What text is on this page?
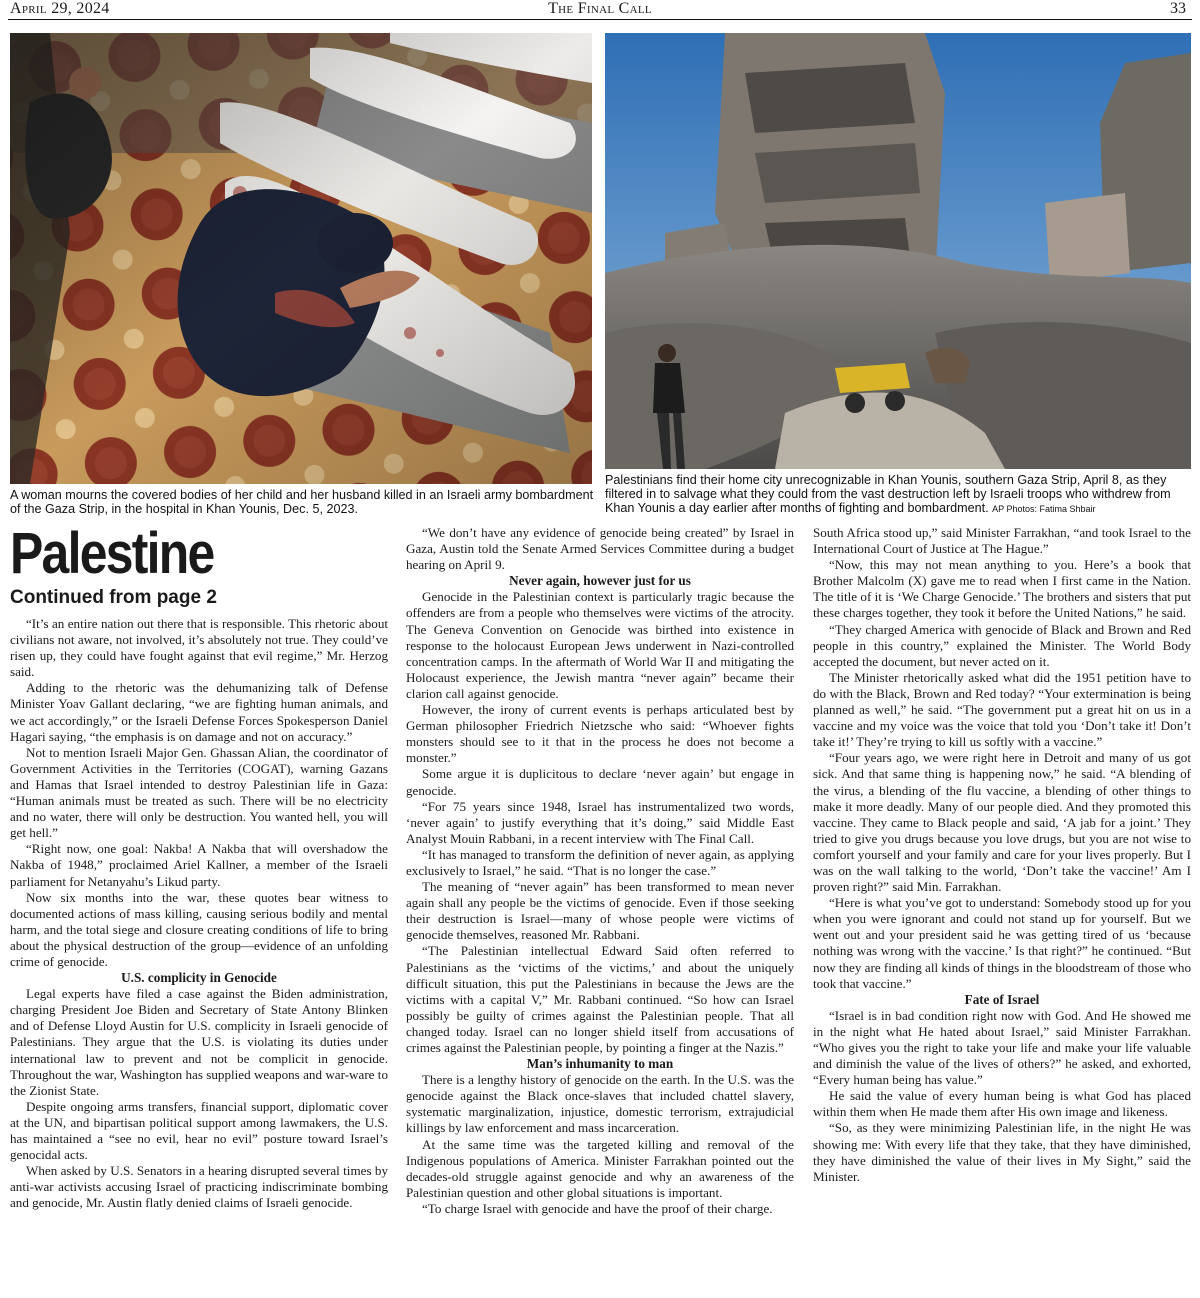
April 29, 2024	The Final Call	33
A woman mourns the covered bodies of her child and her husband killed in an Israeli army bombardment of the Gaza Strip, in the hospital in Khan Younis, Dec. 5, 2023.
Palestinians find their home city unrecognizable in Khan Younis, southern Gaza Strip, April 8, as they filtered in to salvage what they could from the vast destruction left by Israeli troops who withdrew from Khan Younis a day earlier after months of fighting and bombardment. AP Photos: Fatima Shbair
Palestine
Continued from page 2

“It’s an entire nation out there that is responsible. This rhetoric about civilians not aware, not involved, it’s absolutely not true. They could’ve risen up, they could have fought against that evil regime,” Mr. Herzog said.

Adding to the rhetoric was the dehumanizing talk of Defense Minister Yoav Gallant declaring, “we are fighting human animals, and we act accordingly,” or the Israeli Defense Forces Spokesperson Daniel Hagari saying, “the emphasis is on damage and not on accuracy.”

Not to mention Israeli Major Gen. Ghassan Alian, the coordinator of Government Activities in the Territories (COGAT), warning Gazans and Hamas that Israel intended to destroy Palestinian life in Gaza: “Human animals must be treated as such. There will be no electricity and no water, there will only be destruction. You wanted hell, you will get hell.”

“Right now, one goal: Nakba! A Nakba that will overshadow the Nakba of 1948,” proclaimed Ariel Kallner, a member of the Israeli parliament for Netanyahu’s Likud party.

Now six months into the war, these quotes bear witness to documented actions of mass killing, causing serious bodily and mental harm, and the total siege and closure creating conditions of life to bring about the physical destruction of the group—evidence of an unfolding crime of genocide.

U.S. complicity in Genocide

Legal experts have filed a case against the Biden administration, charging President Joe Biden and Secretary of State Antony Blinken and of Defense Lloyd Austin for U.S. complicity in Israeli genocide of Palestinians. They argue that the U.S. is violating its duties under international law to prevent and not be complicit in genocide. Throughout the war, Washington has supplied weapons and war-ware to the Zionist State.

Despite ongoing arms transfers, financial support, diplomatic cover at the UN, and bipartisan political support among lawmakers, the U.S. has maintained a “see no evil, hear no evil” posture toward Israel’s genocidal acts.

When asked by U.S. Senators in a hearing disrupted several times by anti-war activists accusing Israel of practicing indiscriminate bombing and genocide, Mr. Austin flatly denied claims of Israeli genocide.

“We don’t have any evidence of genocide being created” by Israel in Gaza, Austin told the Senate Armed Services Committee during a budget hearing on April 9.

Never again, however just for us

Genocide in the Palestinian context is particularly tragic because the offenders are from a people who themselves were victims of the atrocity. The Geneva Convention on Genocide was birthed into existence in response to the holocaust European Jews underwent in Nazi-controlled concentration camps. In the aftermath of World War II and mitigating the Holocaust experience, the Jewish mantra “never again” became their clarion call against genocide.

However, the irony of current events is perhaps articulated best by German philosopher Friedrich Nietzsche who said: “Whoever fights monsters should see to it that in the process he does not become a monster.”

Some argue it is duplicitous to declare ‘never again’ but engage in genocide.

“For 75 years since 1948, Israel has instrumentalized two words, ‘never again’ to justify everything that it’s doing,” said Middle East Analyst Mouin Rabbani, in a recent interview with The Final Call.

“It has managed to transform the definition of never again, as applying exclusively to Israel,” he said. “That is no longer the case.”

The meaning of “never again” has been transformed to mean never again shall any people be the victims of genocide. Even if those seeking their destruction is Israel—many of whose people were victims of genocide themselves, reasoned Mr. Rabbani.

“The Palestinian intellectual Edward Said often referred to Palestinians as the ‘victims of the victims,’ and about the uniquely difficult situation, this put the Palestinians in because the Jews are the victims with a capital V,” Mr. Rabbani continued. “So how can Israel possibly be guilty of crimes against the Palestinian people. That all changed today. Israel can no longer shield itself from accusations of crimes against the Palestinian people, by pointing a finger at the Nazis.”

Man’s inhumanity to man

There is a lengthy history of genocide on the earth. In the U.S. was the genocide against the Black once-slaves that included chattel slavery, systematic marginalization, injustice, domestic terrorism, extrajudicial killings by law enforcement and mass incarceration.

At the same time was the targeted killing and removal of the Indigenous populations of America. Minister Farrakhan pointed out the decades-old struggle against genocide and why an awareness of the Palestinian question and other global situations is important.

“To charge Israel with genocide and have the proof of their charge.

South Africa stood up,” said Minister Farrakhan, “and took Israel to the International Court of Justice at The Hague.”

“Now, this may not mean anything to you. Here’s a book that Brother Malcolm (X) gave me to read when I first came in the Nation. The title of it is ‘We Charge Genocide.’ The brothers and sisters that put these charges together, they took it before the United Nations,” he said.

“They charged America with genocide of Black and Brown and Red people in this country,” explained the Minister. The World Body accepted the document, but never acted on it.

The Minister rhetorically asked what did the 1951 petition have to do with the Black, Brown and Red today? “Your extermination is being planned as well,” he said. “The government put a great hit on us in a vaccine and my voice was the voice that told you ‘Don’t take it! Don’t take it!’ They’re trying to kill us softly with a vaccine.”

“Four years ago, we were right here in Detroit and many of us got sick. And that same thing is happening now,” he said. “A blending of the virus, a blending of the flu vaccine, a blending of other things to make it more deadly. Many of our people died. And they promoted this vaccine. They came to Black people and said, ‘A jab for a joint.’ They tried to give you drugs because you love drugs, but you are not wise to comfort yourself and your family and care for your lives properly. But I was on the wall talking to the world, ‘Don’t take the vaccine!’ Am I proven right?” said Min. Farrakhan.

“Here is what you’ve got to understand: Somebody stood up for you when you were ignorant and could not stand up for yourself. But we went out and your president said he was getting tired of us ‘because nothing was wrong with the vaccine.’ Is that right?” he continued. “But now they are finding all kinds of things in the bloodstream of those who took that vaccine.”

Fate of Israel

“Israel is in bad condition right now with God. And He showed me in the night what He hated about Israel,” said Minister Farrakhan. “Who gives you the right to take your life and make your life valuable and diminish the value of the lives of others?” he asked, and exhorted, “Every human being has value.”

He said the value of every human being is what God has placed within them when He made them after His own image and likeness.

“So, as they were minimizing Palestinian life, in the night He was showing me: With every life that they take, that they have diminished, they have diminished the value of their lives in My Sight,” said the Minister.
